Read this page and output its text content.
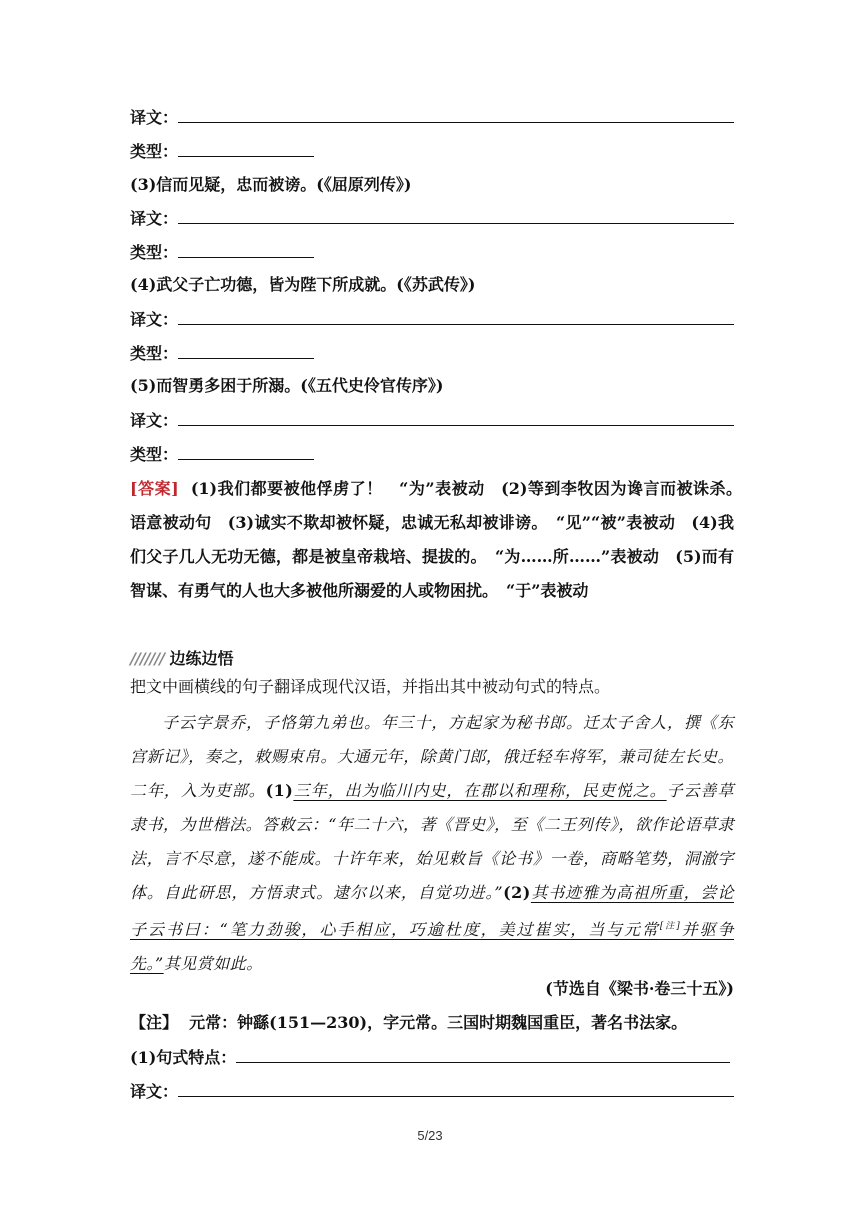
译文：
类型：
(3)信而见疑，忠而被谤。(《屈原列传》)
译文：
类型：
(4)武父子亡功德，皆为陛下所成就。(《苏武传》)
译文：
类型：
(5)而智勇多困于所溺。(《五代史伶官传序》)
译文：
类型：
[答案] (1)我们都要被他俘虏了！　“为”表被动　(2)等到李牧因为谗言而被诛杀。　语意被动句　(3)诚实不欺却被怀疑，忠诚无私却被诽谤。　“见”“被”表被动　(4)我们父子几人无功无德，都是被皇帝栽培、提拔的。　“为……所……”表被动　(5)而有智谋、有勇气的人也大多被他所溺爱的人或物困扰。　“于”表被动
/////// 边练边悟
把文中画横线的句子翻译成现代汉语，并指出其中被动句式的特点。
子云字景乔，子恪第九弟也。年三十，方起家为秘书郎。迁太子舍人，撰《东宫新记》，奏之，敕赐束帛。大通元年，除黄门郎，俄迁轻车将军，兼司徒左长史。二年，入为吏部。(1)三年，出为临川内史，在郡以和理称，民吏悦之。子云善草隶书，为世楷法。答敕云：“年二十六，著《晋史》，至《二王列传》，欲作论语草隶法，言不尽意，遂不能成。十许年来，始见敕旨《论书》一卷，商略笔势，洞澈字体。自此研思，方悟隶式。逮尔以来，自觉功进。”(2)其书迹雅为高祖所重，尝论子云书曰：“笔力劲骏，心手相应，巧逾杜度，美过崔实，当与元常[注]并驱争先。”其见赏如此。
(节选自《梁书·卷三十五》)
【注】 元常：钟繇(151—230)，字元常。三国时期魏国重臣，著名书法家。
(1)句式特点：
译文：
5/23
